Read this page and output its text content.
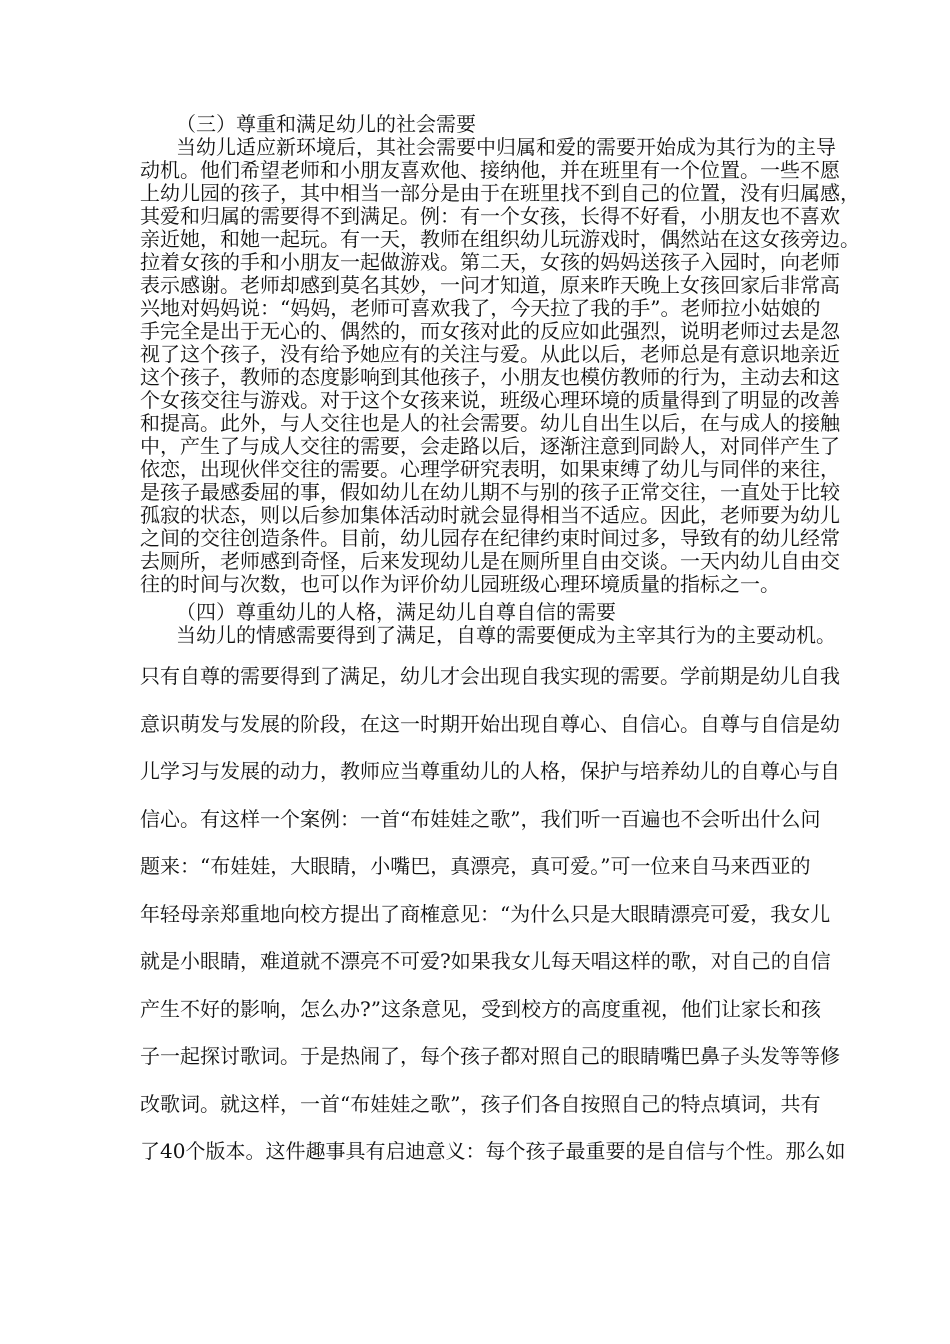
（三）尊重和满足幼儿的社会需要
当幼儿适应新环境后，其社会需要中归属和爱的需要开始成为其行为的主导
动机。他们希望老师和小朋友喜欢他、接纳他，并在班里有一个位置。一些不愿
上幼儿园的孩子，其中相当一部分是由于在班里找不到自己的位置，没有归属感，
其爱和归属的需要得不到满足。例：有一个女孩，长得不好看，小朋友也不喜欢
亲近她，和她一起玩。有一天，教师在组织幼儿玩游戏时，偶然站在这女孩旁边。
拉着女孩的手和小朋友一起做游戏。第二天，女孩的妈妈送孩子入园时，向老师
表示感谢。老师却感到莫名其妙，一问才知道，原来昨天晚上女孩回家后非常高
兴地对妈妈说：“妈妈，老师可喜欢我了，今天拉了我的手”。老师拉小姑娘的
手完全是出于无心的、偶然的，而女孩对此的反应如此强烈，说明老师过去是忽
视了这个孩子，没有给予她应有的关注与爱。从此以后，老师总是有意识地亲近
这个孩子，教师的态度影响到其他孩子，小朋友也模仿教师的行为，主动去和这
个女孩交往与游戏。对于这个女孩来说，班级心理环境的质量得到了明显的改善
和提高。此外，与人交往也是人的社会需要。幼儿自出生以后，在与成人的接触
中，产生了与成人交往的需要，会走路以后，逐渐注意到同龄人，对同伴产生了
依恋，出现伙伴交往的需要。心理学研究表明，如果束缚了幼儿与同伴的来往，
是孩子最感委屈的事，假如幼儿在幼儿期不与别的孩子正常交往，一直处于比较
孤寂的状态，则以后参加集体活动时就会显得相当不适应。因此，老师要为幼儿
之间的交往创造条件。目前，幼儿园存在纪律约束时间过多，导致有的幼儿经常
去厕所，老师感到奇怪，后来发现幼儿是在厕所里自由交谈。一天内幼儿自由交
往的时间与次数，也可以作为评价幼儿园班级心理环境质量的指标之一。
（四）尊重幼儿的人格，满足幼儿自尊自信的需要
当幼儿的情感需要得到了满足，自尊的需要便成为主宰其行为的主要动机。
只有自尊的需要得到了满足，幼儿才会出现自我实现的需要。学前期是幼儿自我
意识萌发与发展的阶段，在这一时期开始出现自尊心、自信心。自尊与自信是幼
儿学习与发展的动力，教师应当尊重幼儿的人格，保护与培养幼儿的自尊心与自
信心。有这样一个案例：一首“布娃娃之歌”，我们听一百遍也不会听出什么问
题来：“布娃娃，大眼睛，小嘴巴，真漂亮，真可爱。”可一位来自马来西亚的
年轻母亲郑重地向校方提出了商榷意见：“为什么只是大眼睛漂亮可爱，我女儿
就是小眼睛，难道就不漂亮不可爱?如果我女儿每天唱这样的歌，对自己的自信
产生不好的影响，怎么办?”这条意见，受到校方的高度重视，他们让家长和孩
子一起探讨歌词。于是热闹了，每个孩子都对照自己的眼睛嘴巴鼻子头发等等修
改歌词。就这样，一首“布娃娃之歌”，孩子们各自按照自己的特点填词，共有
了40个版本。这件趣事具有启迪意义：每个孩子最重要的是自信与个性。那么如
